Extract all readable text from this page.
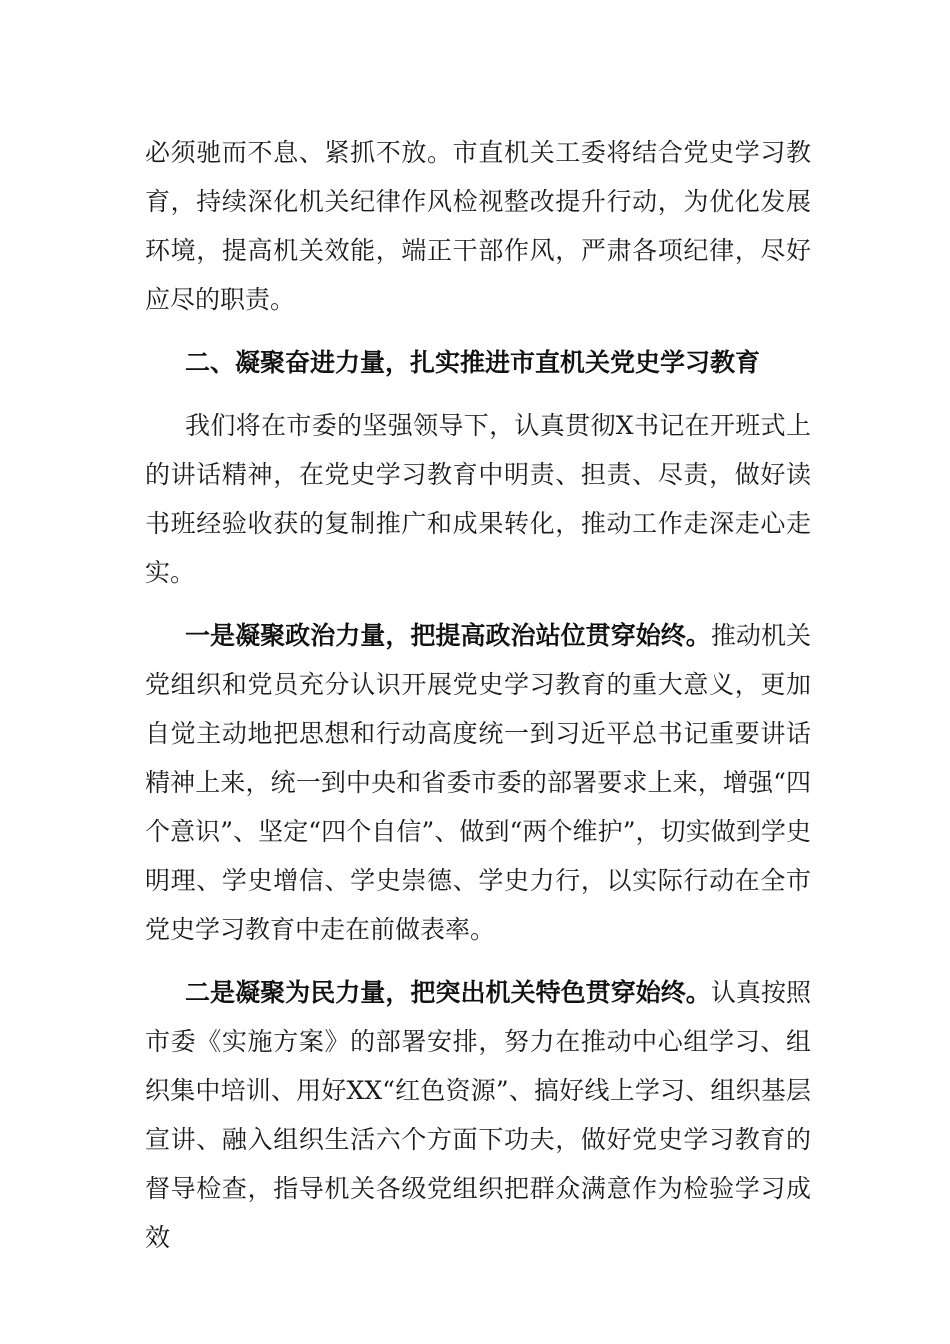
必须驰而不息、紧抓不放。市直机关工委将结合党史学习教育，持续深化机关纪律作风检视整改提升行动，为优化发展环境，提高机关效能，端正干部作风，严肃各项纪律，尽好应尽的职责。

二、凝聚奋进力量，扎实推进市直机关党史学习教育

我们将在市委的坚强领导下，认真贯彻X书记在开班式上的讲话精神，在党史学习教育中明责、担责、尽责，做好读书班经验收获的复制推广和成果转化，推动工作走深走心走实。

一是凝聚政治力量，把提高政治站位贯穿始终。推动机关党组织和党员充分认识开展党史学习教育的重大意义，更加自觉主动地把思想和行动高度统一到习近平总书记重要讲话精神上来，统一到中央和省委市委的部署要求上来，增强“四个意识”、坚定“四个自信”、做到“两个维护”，切实做到学史明理、学史增信、学史崇德、学史力行，以实际行动在全市党史学习教育中走在前做表率。

二是凝聚为民力量，把突出机关特色贯穿始终。认真按照市委《实施方案》的部署安排，努力在推动中心组学习、组织集中培训、用好XX“红色资源”、搞好线上学习、组织基层宣讲、融入组织生活六个方面下功夫，做好党史学习教育的督导检查，指导机关各级党组织把群众满意作为检验学习成效
